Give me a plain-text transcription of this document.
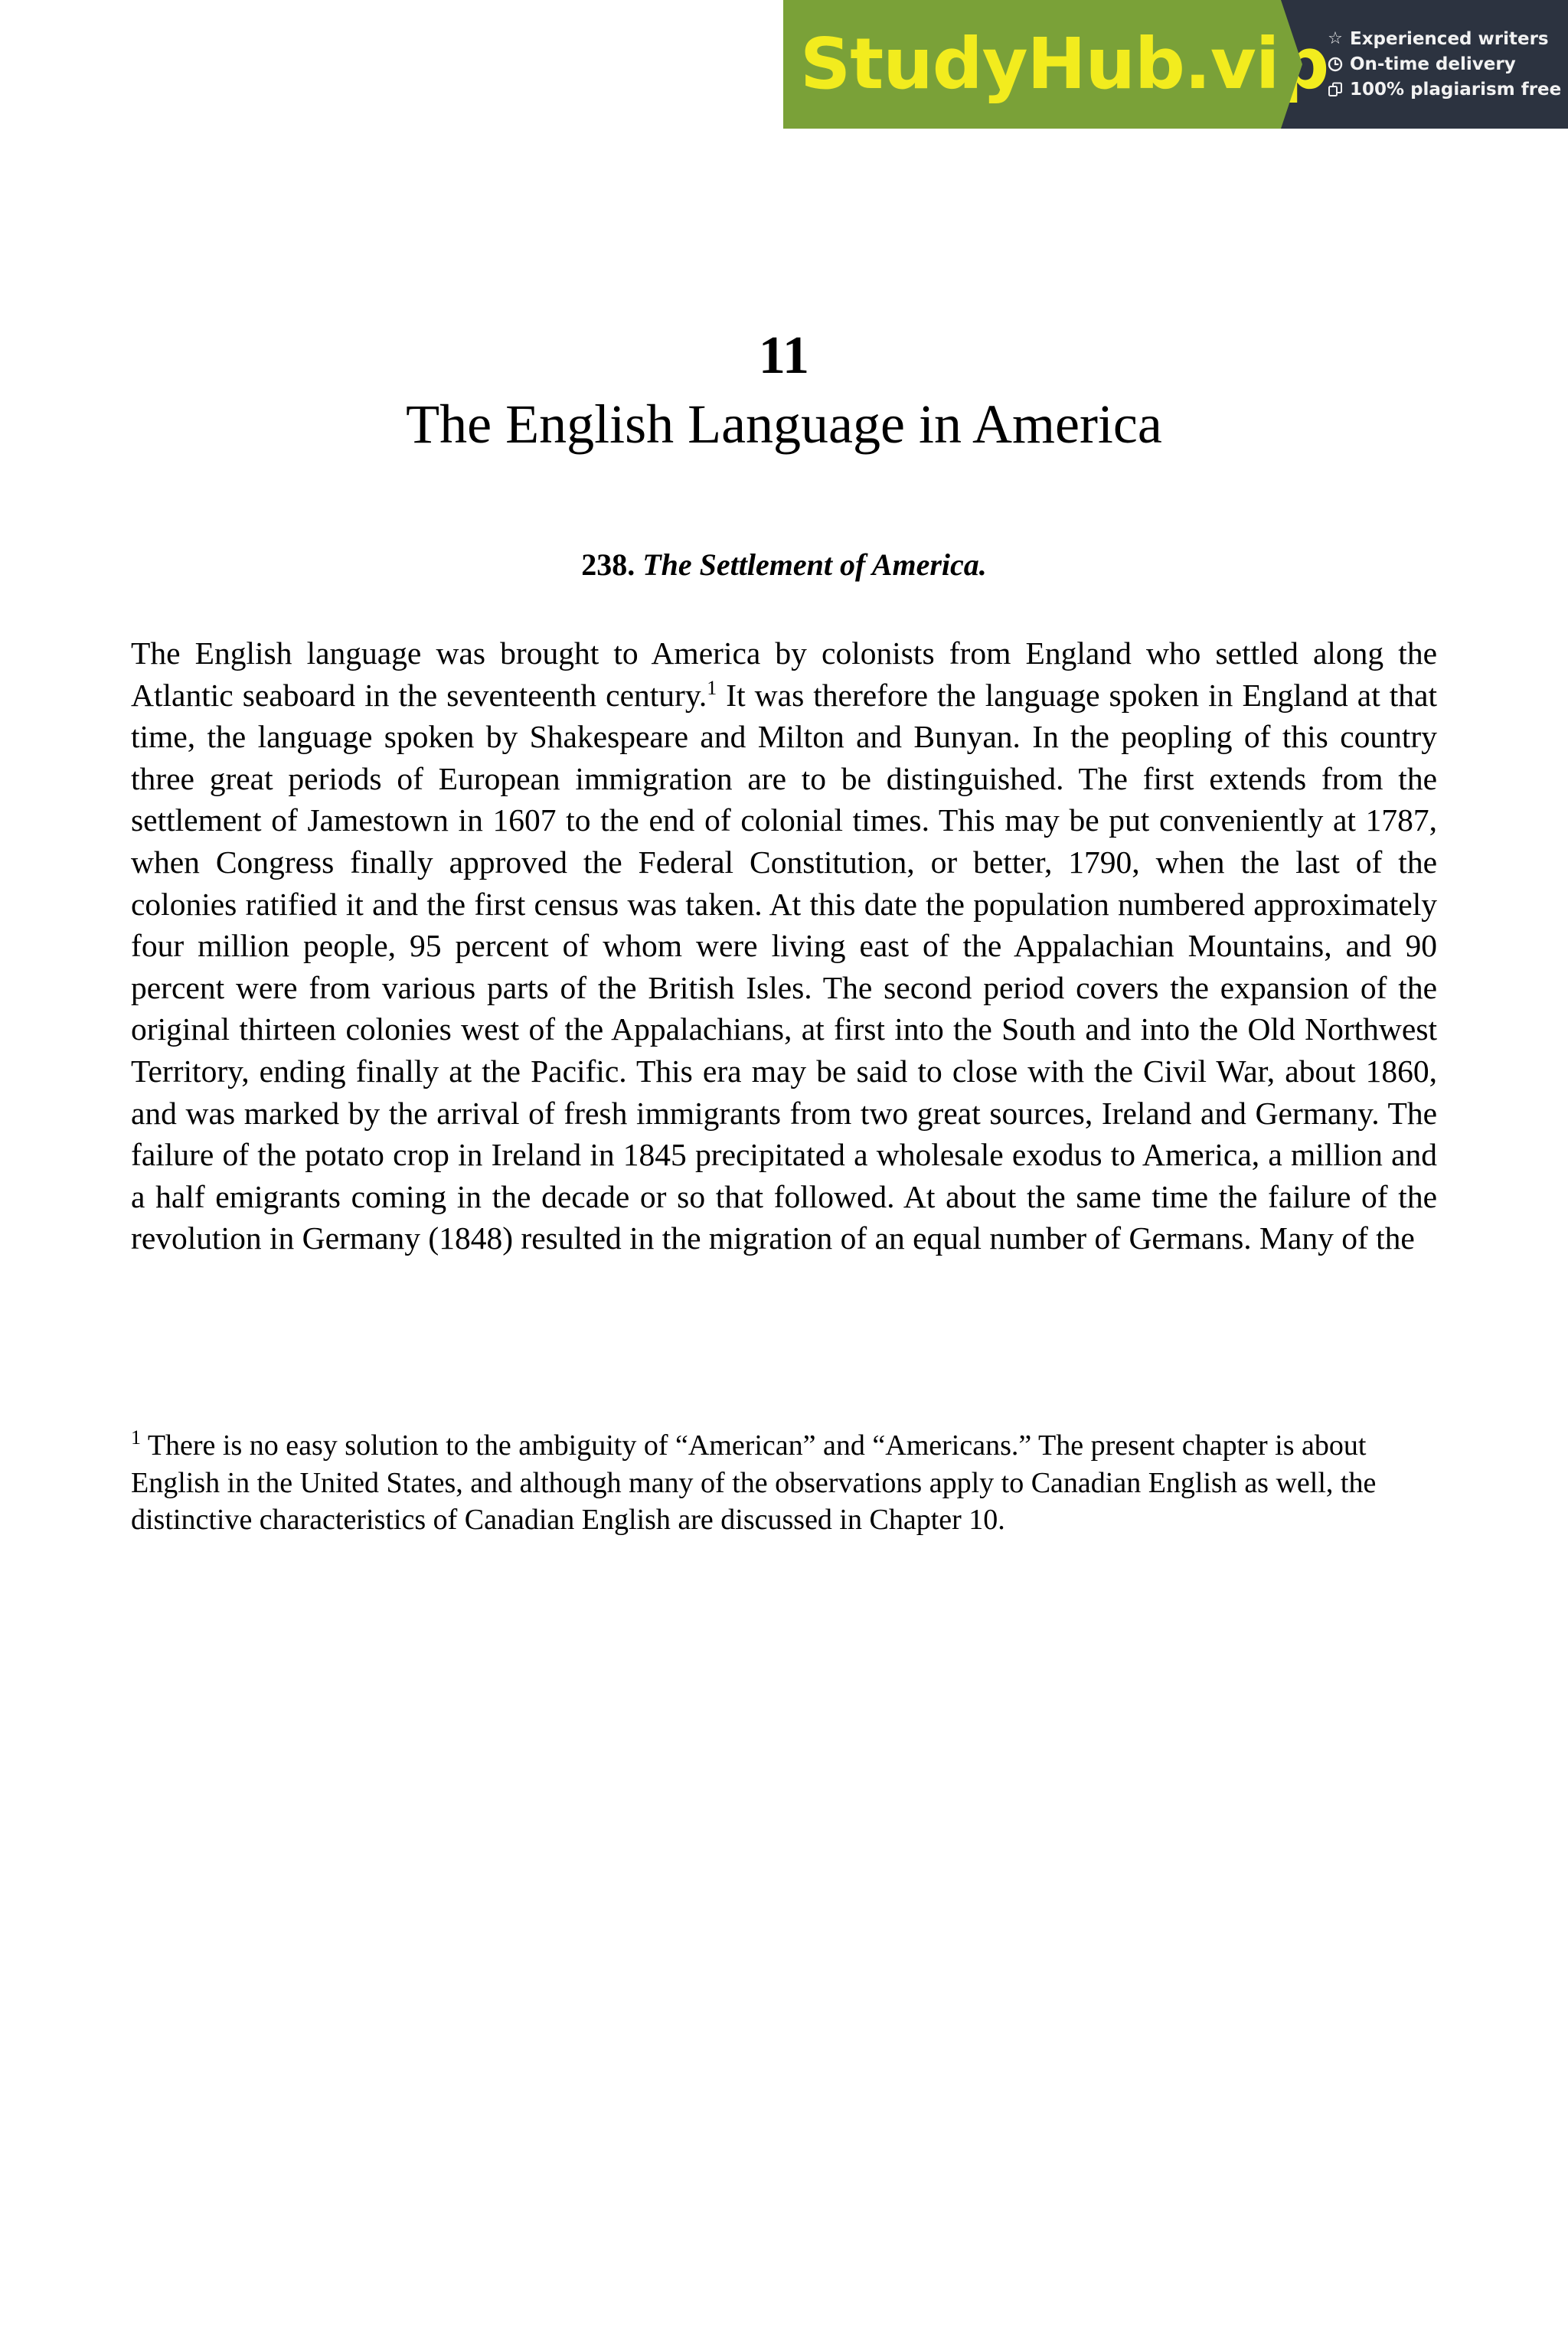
StudyHub.vip
☆ Experienced writers
On-time delivery
100% plagiarism free
11
The English Language in America
238. The Settlement of America.

The English language was brought to America by colonists from England who settled along the Atlantic seaboard in the seventeenth century.$^1$ It was therefore the language spoken in England at that time, the language spoken by Shakespeare and Milton and Bunyan. In the peopling of this country three great periods of European immigration are to be distinguished. The first extends from the settlement of Jamestown in 1607 to the end of colonial times. This may be put conveniently at 1787, when Congress finally approved the Federal Constitution, or better, 1790, when the last of the colonies ratified it and the first census was taken. At this date the population numbered approximately four million people, 95 percent of whom were living east of the Appalachian Mountains, and 90 percent were from various parts of the British Isles. The second period covers the expansion of the original thirteen colonies west of the Appalachians, at first into the South and into the Old Northwest Territory, ending finally at the Pacific. This era may be said to close with the Civil War, about 1860, and was marked by the arrival of fresh immigrants from two great sources, Ireland and Germany. The failure of the potato crop in Ireland in 1845 precipitated a wholesale exodus to America, a million and a half emigrants coming in the decade or so that followed. At about the same time the failure of the revolution in Germany (1848) resulted in the migration of an equal number of Germans. Many of the

$^1$ There is no easy solution to the ambiguity of “American” and “Americans.” The present chapter is about English in the United States, and although many of the observations apply to Canadian English as well, the distinctive characteristics of Canadian English are discussed in Chapter 10.
